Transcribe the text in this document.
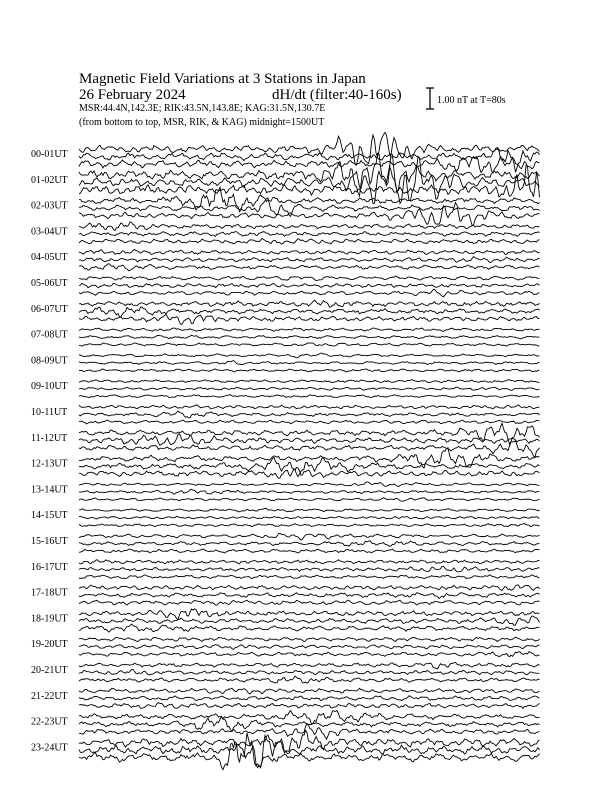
Magnetic Field Variations at 3 Stations in Japan
26 February 2024	dH/dt (filter:40-160s)
MSR:44.4N,142.3E; RIK:43.5N,143.8E; KAG:31.5N,130.7E
(from bottom to top, MSR, RIK, & KAG) midnight=1500UT
1.00 nT at T=80s
00-01UT
01-02UT
02-03UT
03-04UT
04-05UT
05-06UT
06-07UT
07-08UT
08-09UT
09-10UT
10-11UT
11-12UT
12-13UT
13-14UT
14-15UT
15-16UT
16-17UT
17-18UT
18-19UT
19-20UT
20-21UT
21-22UT
22-23UT
23-24UT
